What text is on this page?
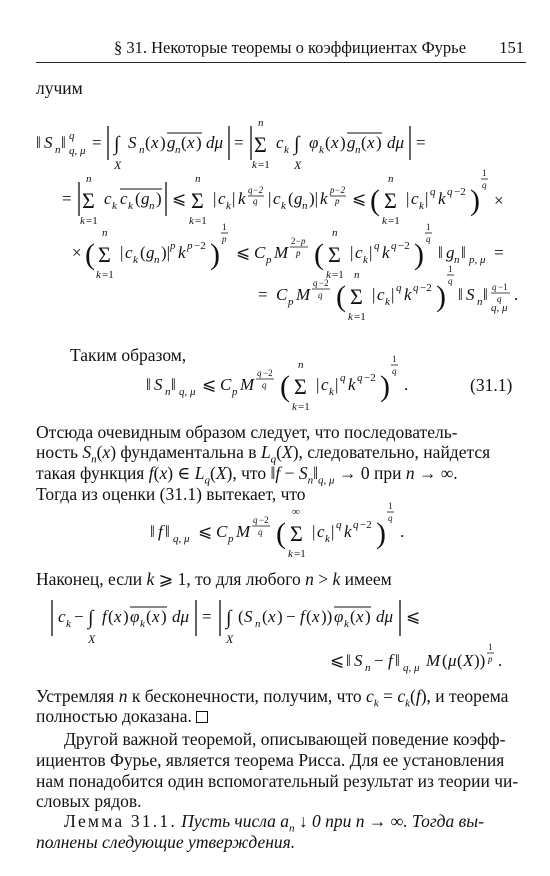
§ 31. Некоторые теоремы о коэффициентах Фурье 151
лучим
‖ S n ‖ q
q, μ = ∫
X
S n ( x ) g n ( x ) dμ =
n
Σ
k =1
c k ∫
X
φ k ( x ) g n ( x ) dμ =
=
n
Σ
k =1
c k c k ( g n ) ⩽
n
Σ
k =1
| c k | k q−2
q | c k ( g n )| k p−2
p ⩽ (
n
Σ
k =1
| c k | q k q −2 )
1
q
×
× (
n
Σ
k =1
| c k ( g n )| p k p −2 )
1
p
⩽ C p M
2− p
p (
n
Σ
k =1
| c k | q k q −2 )
1
q
‖ g n ‖ p, μ =
= C p M
q −2
q (
n
Σ
k =1
| c k | q k q −2 )
1
q
‖ S n ‖ q −1
q
q, μ
.
Таким образом,
‖ S n ‖ q, μ ⩽ C p M
q −2
q (
n
Σ
k =1
| c k | q k q −2 )
1
q
.	(31.1)
Отсюда очевидным образом следует, что последователь-
ность $S_n(x)$ фундаментальна в $L_q(X)$, следовательно, найдется
такая функция f(x) ∈ $L_q(X)$, что ‖f − $S_n‖_{q, \mu} \to 0$ при n → ∞.
Тогда из оценки (31.1) вытекает, что
‖ f ‖ q, μ ⩽ C p M
q −2
q (
∞
Σ
k =1
| c k | q k q −2 )
1
q
.
Наконец, если k ⩾ 1, то для любого n > k имеем
c k − ∫
X
f ( x ) φ k ( x ) dμ = ∫
X
( S n ( x ) − f ( x )) φ k ( x ) dμ ⩽
⩽ ‖ S n − f ‖ q, μ M ( μ ( X ))
1
p .
Устремляя n к бесконечности, получим, что $c_k = c_k(f)$, и теорема
полностью доказана.
Другой важной теоремой, описывающей поведение коэфф-
ициентов Фурье, является теорема Рисса. Для ее установления
нам понадобится один вспомогательный результат из теории чи-
словых рядов.
Лемма 31.1. Пусть числа $a_n$ ↓ 0 при n → ∞. Тогда вы-
полнены следующие утверждения.
